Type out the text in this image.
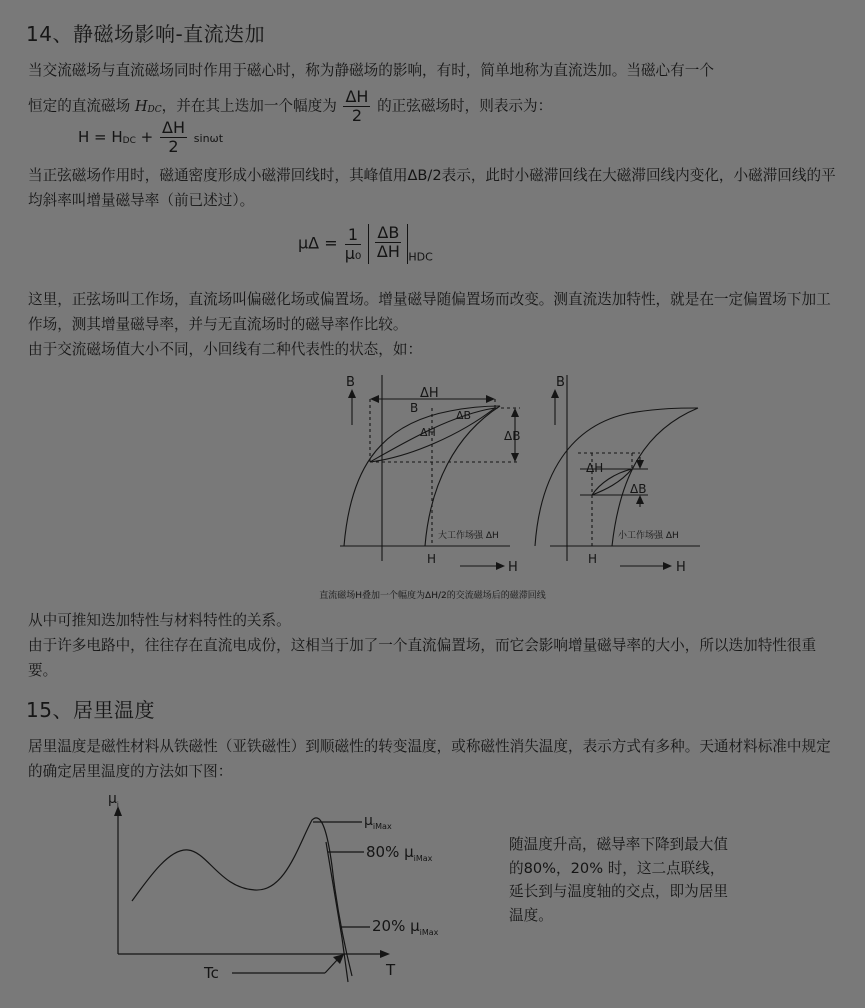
14、静磁场影响-直流迭加
当交流磁场与直流磁场同时作用于磁心时，称为静磁场的影响，有时，简单地称为直流迭加。当磁心有一个
恒定的直流磁场 HDC，并在其上迭加一个幅度为 $\frac{\Delta H}{2}$ 的正弦磁场时，则表示为：
H = HDC + $\frac{\Delta H}{2}$ sinωt
当正弦磁场作用时，磁通密度形成小磁滞回线时，其峰值用ΔB/2表示，此时小磁滞回线在大磁滞回线内变化，小磁滞回线的平均斜率叫增量磁导率（前已述过）。
$\mu\Delta = \frac{1}{\text{μ₀}}$
$\frac{\Delta B}{\Delta H} _{HDC}$
这里，正弦场叫工作场，直流场叫偏磁化场或偏置场。增量磁导随偏置场而改变。测直流迭加特性，就是在一定偏置场下加工作场，测其增量磁导率，并与无直流场时的磁导率作比较。
由于交流磁场值大小不同，小回线有二种代表性的状态，如：
B
ΔH
B
ΔB
ΔH	ΔB
大工作场强 ΔH
H
H
B
ΔH
ΔB
小工作场强 ΔH
H
H
直流磁场H叠加一个幅度为ΔH/2的交流磁场后的磁滞回线
从中可推知迭加特性与材料特性的关系。
由于许多电路中，往往存在直流电成份，这相当于加了一个直流偏置场，而它会影响增量磁导率的大小，所以迭加特性很重要。
15、居里温度
居里温度是磁性材料从铁磁性（亚铁磁性）到顺磁性的转变温度，或称磁性消失温度，表示方式有多种。天通材料标准中规定的确定居里温度的方法如下图：
$\mu_i$
$\mu_{iMax}$
80% $\mu_{iMax}$
20% $\mu_{iMax}$
Tc	T
随温度升高，磁导率下降到最大值的80%，20% 时，这二点联线，延长到与温度轴的交点，即为居里温度。
